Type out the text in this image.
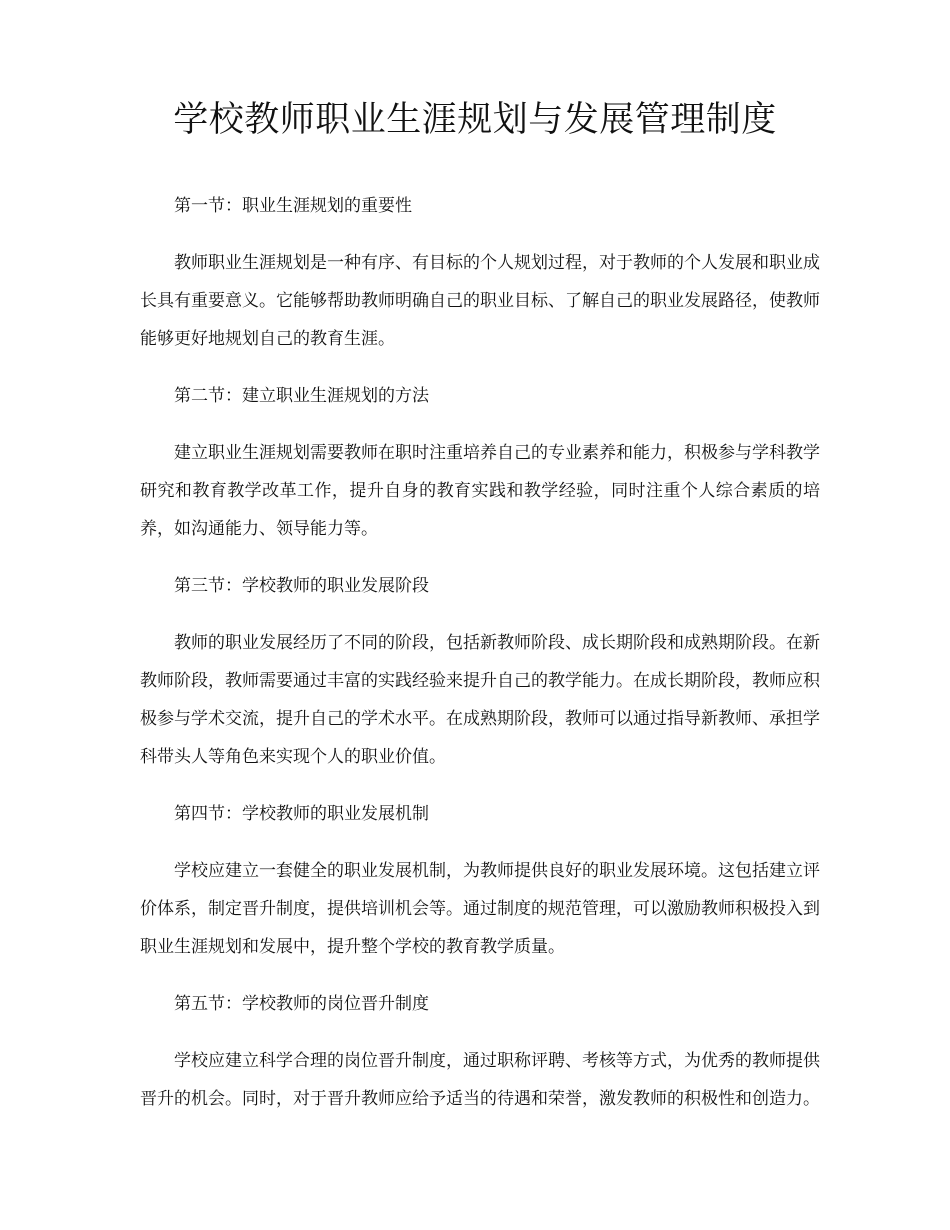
学校教师职业生涯规划与发展管理制度

第一节：职业生涯规划的重要性

教师职业生涯规划是一种有序、有目标的个人规划过程，对于教师的个人发展和职业成长具有重要意义。它能够帮助教师明确自己的职业目标、了解自己的职业发展路径，使教师能够更好地规划自己的教育生涯。

第二节：建立职业生涯规划的方法

建立职业生涯规划需要教师在职时注重培养自己的专业素养和能力，积极参与学科教学研究和教育教学改革工作，提升自身的教育实践和教学经验，同时注重个人综合素质的培养，如沟通能力、领导能力等。

第三节：学校教师的职业发展阶段

教师的职业发展经历了不同的阶段，包括新教师阶段、成长期阶段和成熟期阶段。在新教师阶段，教师需要通过丰富的实践经验来提升自己的教学能力。在成长期阶段，教师应积极参与学术交流，提升自己的学术水平。在成熟期阶段，教师可以通过指导新教师、承担学科带头人等角色来实现个人的职业价值。

第四节：学校教师的职业发展机制

学校应建立一套健全的职业发展机制，为教师提供良好的职业发展环境。这包括建立评价体系，制定晋升制度，提供培训机会等。通过制度的规范管理，可以激励教师积极投入到职业生涯规划和发展中，提升整个学校的教育教学质量。

第五节：学校教师的岗位晋升制度

学校应建立科学合理的岗位晋升制度，通过职称评聘、考核等方式，为优秀的教师提供晋升的机会。同时，对于晋升教师应给予适当的待遇和荣誉，激发教师的积极性和创造力。
